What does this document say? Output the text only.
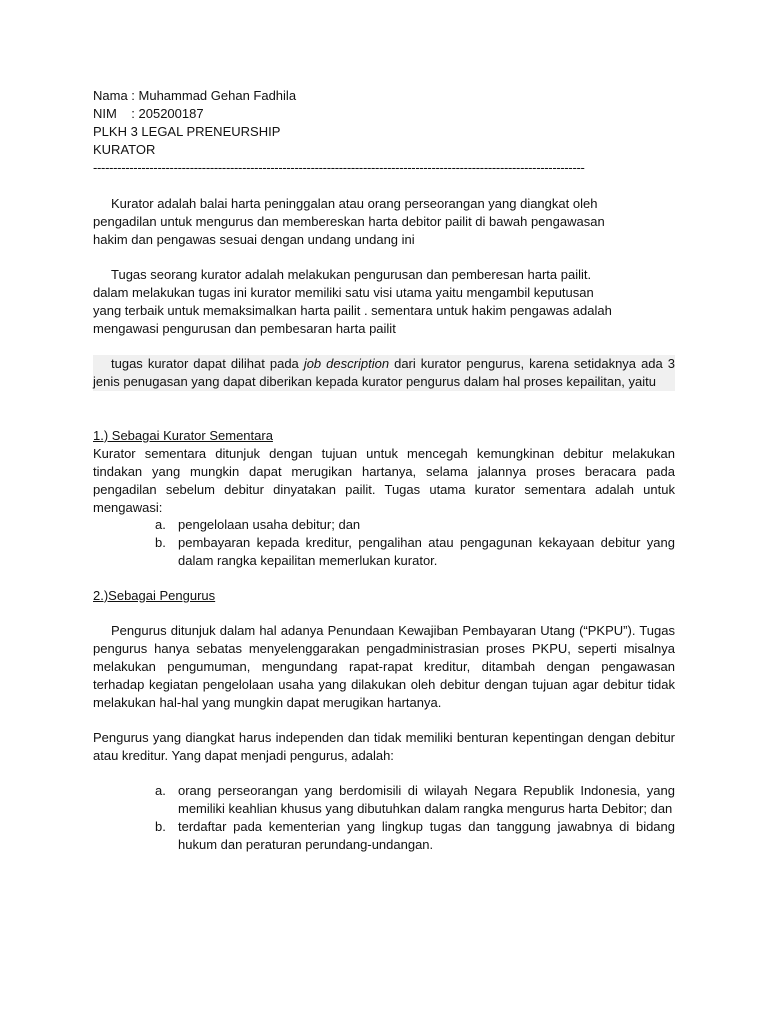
Nama : Muhammad Gehan Fadhila
NIM    : 205200187
PLKH 3 LEGAL PRENEURSHIP
KURATOR
--------------------------------------------------------------------------------------------------------------------------
Kurator adalah balai harta peninggalan atau orang perseorangan yang diangkat oleh
pengadilan untuk mengurus dan membereskan harta debitor pailit di bawah pengawasan
hakim dan pengawas sesuai dengan undang undang ini
Tugas seorang kurator adalah melakukan pengurusan dan pemberesan harta pailit.
dalam melakukan tugas ini kurator memiliki satu visi utama yaitu mengambil keputusan
yang terbaik untuk memaksimalkan harta pailit . sementara untuk hakim pengawas adalah
mengawasi pengurusan dan pembesaran harta pailit

tugas kurator dapat dilihat pada job description dari kurator pengurus, karena setidaknya ada 3 jenis penugasan yang dapat diberikan kepada kurator pengurus dalam hal proses kepailitan, yaitu

1.) Sebagai Kurator Sementara

Kurator sementara ditunjuk dengan tujuan untuk mencegah kemungkinan debitur melakukan tindakan yang mungkin dapat merugikan hartanya, selama jalannya proses beracara pada pengadilan sebelum debitur dinyatakan pailit. Tugas utama kurator sementara adalah untuk mengawasi:

a. pengelolaan usaha debitur; dan
b. pembayaran kepada kreditur, pengalihan atau pengagunan kekayaan debitur yang dalam rangka kepailitan memerlukan kurator.
2.)Sebagai Pengurus

Pengurus ditunjuk dalam hal adanya Penundaan Kewajiban Pembayaran Utang (“PKPU”). Tugas pengurus hanya sebatas menyelenggarakan pengadministrasian proses PKPU, seperti misalnya melakukan pengumuman, mengundang rapat-rapat kreditur, ditambah dengan pengawasan terhadap kegiatan pengelolaan usaha yang dilakukan oleh debitur dengan tujuan agar debitur tidak melakukan hal-hal yang mungkin dapat merugikan hartanya.

Pengurus yang diangkat harus independen dan tidak memiliki benturan kepentingan dengan debitur atau kreditur. Yang dapat menjadi pengurus, adalah:

a. orang perseorangan yang berdomisili di wilayah Negara Republik Indonesia, yang memiliki keahlian khusus yang dibutuhkan dalam rangka mengurus harta Debitor; dan
b. terdaftar pada kementerian yang lingkup tugas dan tanggung jawabnya di bidang hukum dan peraturan perundang-undangan.
